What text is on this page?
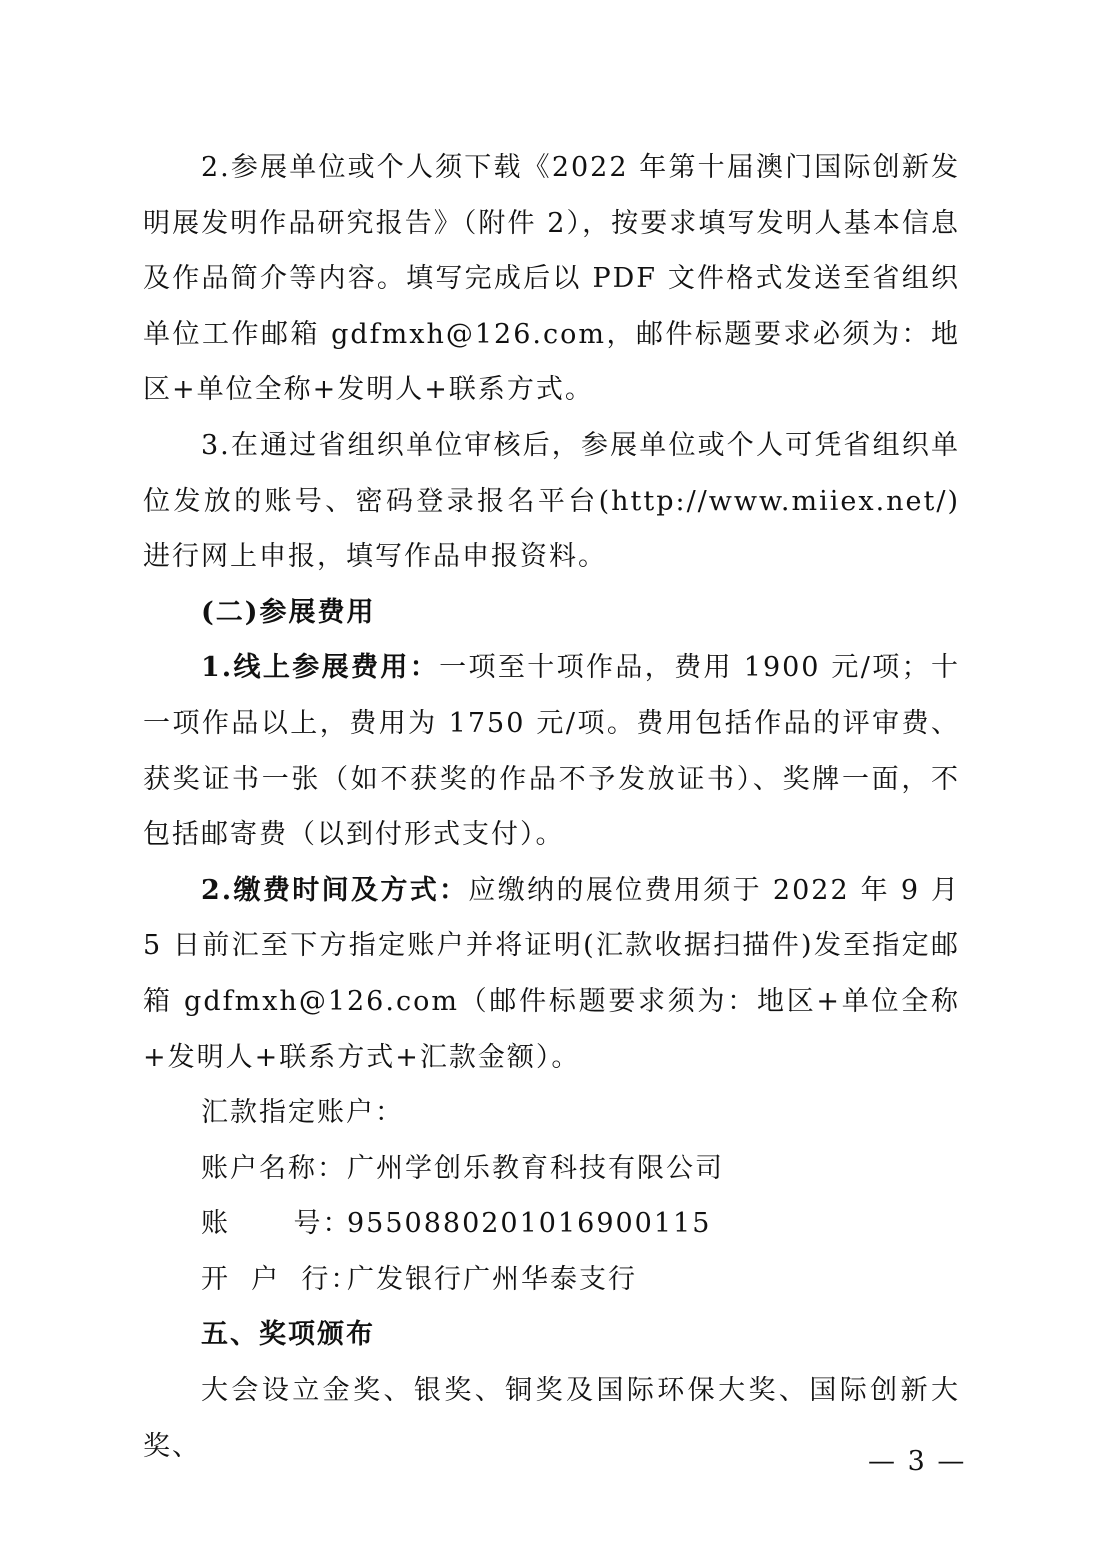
2.参展单位或个人须下载《2022 年第十届澳门国际创新发明展发明作品研究报告》（附件 2），按要求填写发明人基本信息及作品简介等内容。填写完成后以 PDF 文件格式发送至省组织单位工作邮箱 gdfmxh@126.com，邮件标题要求必须为：地区+单位全称+发明人+联系方式。

3.在通过省组织单位审核后，参展单位或个人可凭省组织单位发放的账号、密码登录报名平台(http://www.miiex.net/)进行网上申报，填写作品申报资料。

(二)参展费用

1.线上参展费用：一项至十项作品，费用 1900 元/项；十一项作品以上，费用为 1750 元/项。费用包括作品的评审费、获奖证书一张（如不获奖的作品不予发放证书）、奖牌一面，不包括邮寄费（以到付形式支付）。

2.缴费时间及方式：应缴纳的展位费用须于 2022 年 9 月 5 日前汇至下方指定账户并将证明(汇款收据扫描件)发至指定邮箱 gdfmxh@126.com（邮件标题要求须为：地区+单位全称+发明人+联系方式+汇款金额）。

汇款指定账户：

账户名称：广州学创乐教育科技有限公司

账      号：9550880201016900115

开  户  行：广发银行广州华泰支行

五、奖项颁布

大会设立金奖、银奖、铜奖及国际环保大奖、国际创新大奖、	— 3 —
